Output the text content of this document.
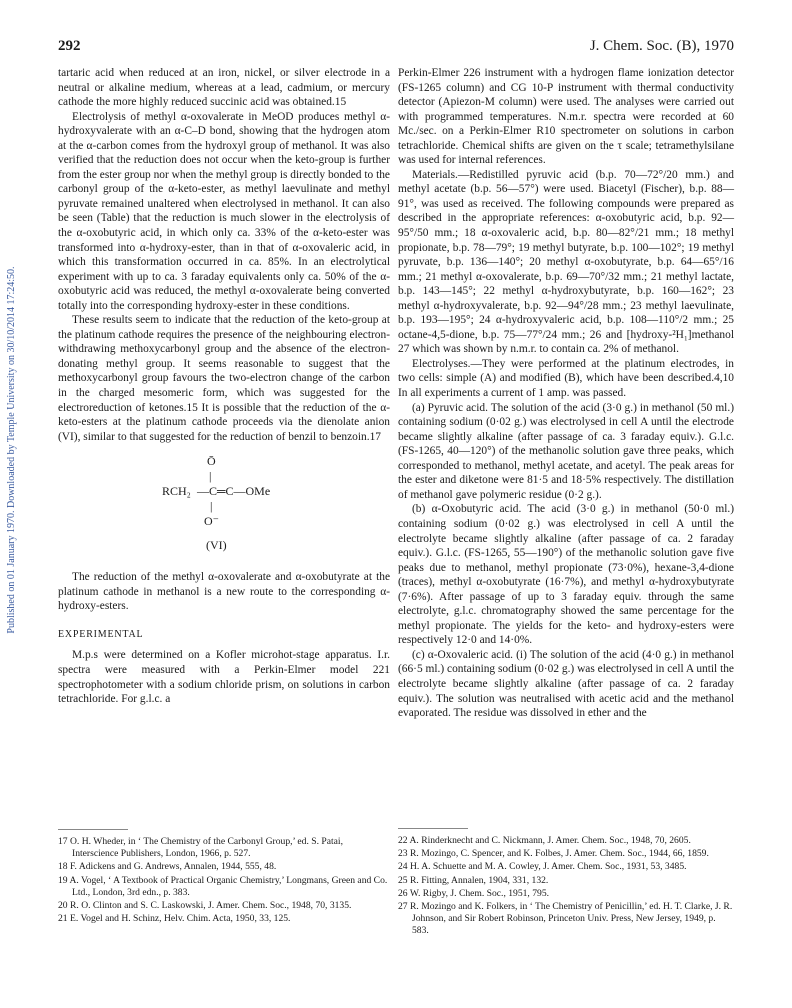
292	J. Chem. Soc. (B), 1970
Published on 01 January 1970. Downloaded by Temple University on 30/10/2014 17:24:50.

tartaric acid when reduced at an iron, nickel, or silver electrode in a neutral or alkaline medium, whereas at a lead, cadmium, or mercury cathode the more highly reduced succinic acid was obtained.15

Electrolysis of methyl α-oxovalerate in MeOD produces methyl α-hydroxyvalerate with an α-C–D bond, showing that the hydrogen atom at the α-carbon comes from the hydroxyl group of methanol. It was also verified that the reduction does not occur when the keto-group is further from the ester group nor when the methyl group is directly bonded to the carbonyl group of the α-keto-ester, as methyl laevulinate and methyl pyruvate remained unaltered when electrolysed in methanol. It can also be seen (Table) that the reduction is much slower in the electrolysis of the α-oxobutyric acid, in which only ca. 33% of the α-keto-ester was transformed into α-hydroxy-ester, than in that of α-oxovaleric acid, in which this transformation occurred in ca. 85%. In an electrolytical experiment with up to ca. 3 faraday equivalents only ca. 50% of the α-oxobutyric acid was reduced, the methyl α-oxovalerate being converted totally into the corresponding hydroxy-ester in these conditions.

These results seem to indicate that the reduction of the keto-group at the platinum cathode requires the presence of the neighbouring electron-withdrawing methoxycarbonyl group and the absence of the electron-donating methyl group. It seems reasonable to suggest that the methoxycarbonyl group favours the two-electron change of the carbon in the charged mesomeric form, which was suggested for the electroreduction of ketones.15 It is possible that the reduction of the α-keto-esters at the platinum cathode proceeds via the dienolate anion (VI), similar to that suggested for the reduction of benzil to benzoin.17

Ō
|
RCH₂ —C═C—OMe
|
O⁻
(VI)

The reduction of the methyl α-oxovalerate and α-oxobutyrate at the platinum cathode in methanol is a new route to the corresponding α-hydroxy-esters.

EXPERIMENTAL

M.p.s were determined on a Kofler microhot-stage apparatus. I.r. spectra were measured with a Perkin-Elmer model 221 spectrophotometer with a sodium chloride prism, on solutions in carbon tetrachloride. For g.l.c. a

17 O. H. Wheder, in ‘ The Chemistry of the Carbonyl Group,’ ed. S. Patai, Interscience Publishers, London, 1966, p. 527.
18 F. Adickens and G. Andrews, Annalen, 1944, 555, 48.
19 A. Vogel, ‘ A Textbook of Practical Organic Chemistry,’ Longmans, Green and Co. Ltd., London, 3rd edn., p. 383.
20 R. O. Clinton and S. C. Laskowski, J. Amer. Chem. Soc., 1948, 70, 3135.
21 E. Vogel and H. Schinz, Helv. Chim. Acta, 1950, 33, 125.

Perkin-Elmer 226 instrument with a hydrogen flame ionization detector (FS-1265 column) and CG 10-P instrument with thermal conductivity detector (Apiezon-M column) were used. The analyses were carried out with programmed temperatures. N.m.r. spectra were recorded at 60 Mc./sec. on a Perkin-Elmer R10 spectrometer on solutions in carbon tetrachloride. Chemical shifts are given on the τ scale; tetramethylsilane was used for internal references.

Materials.—Redistilled pyruvic acid (b.p. 70—72°/20 mm.) and methyl acetate (b.p. 56—57°) were used. Biacetyl (Fischer), b.p. 88—91°, was used as received. The following compounds were prepared as described in the appropriate references: α-oxobutyric acid, b.p. 92—95°/50 mm.; 18 α-oxovaleric acid, b.p. 80—82°/21 mm.; 18 methyl propionate, b.p. 78—79°; 19 methyl butyrate, b.p. 100—102°; 19 methyl pyruvate, b.p. 136—140°; 20 methyl α-oxobutyrate, b.p. 64—65°/16 mm.; 21 methyl α-oxovalerate, b.p. 69—70°/32 mm.; 21 methyl lactate, b.p. 143—145°; 22 methyl α-hydroxybutyrate, b.p. 160—162°; 23 methyl α-hydroxyvalerate, b.p. 92—94°/28 mm.; 23 methyl laevulinate, b.p. 193—195°; 24 α-hydroxyvaleric acid, b.p. 108—110°/2 mm.; 25 octane-4,5-dione, b.p. 75—77°/24 mm.; 26 and [hydroxy-²H₁]methanol 27 which was shown by n.m.r. to contain ca. 2% of methanol.

Electrolyses.—They were performed at the platinum electrodes, in two cells: simple (A) and modified (B), which have been described.4,10 In all experiments a current of 1 amp. was passed.

(a) Pyruvic acid. The solution of the acid (3·0 g.) in methanol (50 ml.) containing sodium (0·02 g.) was electrolysed in cell A until the electrode became slightly alkaline (after passage of ca. 3 faraday equiv.). G.l.c. (FS-1265, 40—120°) of the methanolic solution gave three peaks, which corresponded to methanol, methyl acetate, and acetyl. The peak areas for the ester and diketone were 81·5 and 18·5% respectively. The distillation of methanol gave polymeric residue (0·2 g.).

(b) α-Oxobutyric acid. The acid (3·0 g.) in methanol (50·0 ml.) containing sodium (0·02 g.) was electrolysed in cell A until the electrolyte became slightly alkaline (after passage of ca. 2 faraday equiv.). G.l.c. (FS-1265, 55—190°) of the methanolic solution gave five peaks due to methanol, methyl propionate (73·0%), hexane-3,4-dione (traces), methyl α-oxobutyrate (16·7%), and methyl α-hydroxybutyrate (7·6%). After passage of up to 3 faraday equiv. through the same electrolyte, g.l.c. chromatography showed the same percentage for the methyl propionate. The yields for the keto- and hydroxy-esters were respectively 12·0 and 14·0%.

(c) α-Oxovaleric acid. (i) The solution of the acid (4·0 g.) in methanol (66·5 ml.) containing sodium (0·02 g.) was electrolysed in cell A until the electrolyte became slightly alkaline (after passage of ca. 2 faraday equiv.). The solution was neutralised with acetic acid and the methanol evaporated. The residue was dissolved in ether and the

22 A. Rinderknecht and C. Nickmann, J. Amer. Chem. Soc., 1948, 70, 2605.
23 R. Mozingo, C. Spencer, and K. Folbes, J. Amer. Chem. Soc., 1944, 66, 1859.
24 H. A. Schuette and M. A. Cowley, J. Amer. Chem. Soc., 1931, 53, 3485.
25 R. Fitting, Annalen, 1904, 331, 132.
26 W. Rigby, J. Chem. Soc., 1951, 795.
27 R. Mozingo and K. Folkers, in ‘ The Chemistry of Penicillin,’ ed. H. T. Clarke, J. R. Johnson, and Sir Robert Robinson, Princeton Univ. Press, New Jersey, 1949, p. 583.
